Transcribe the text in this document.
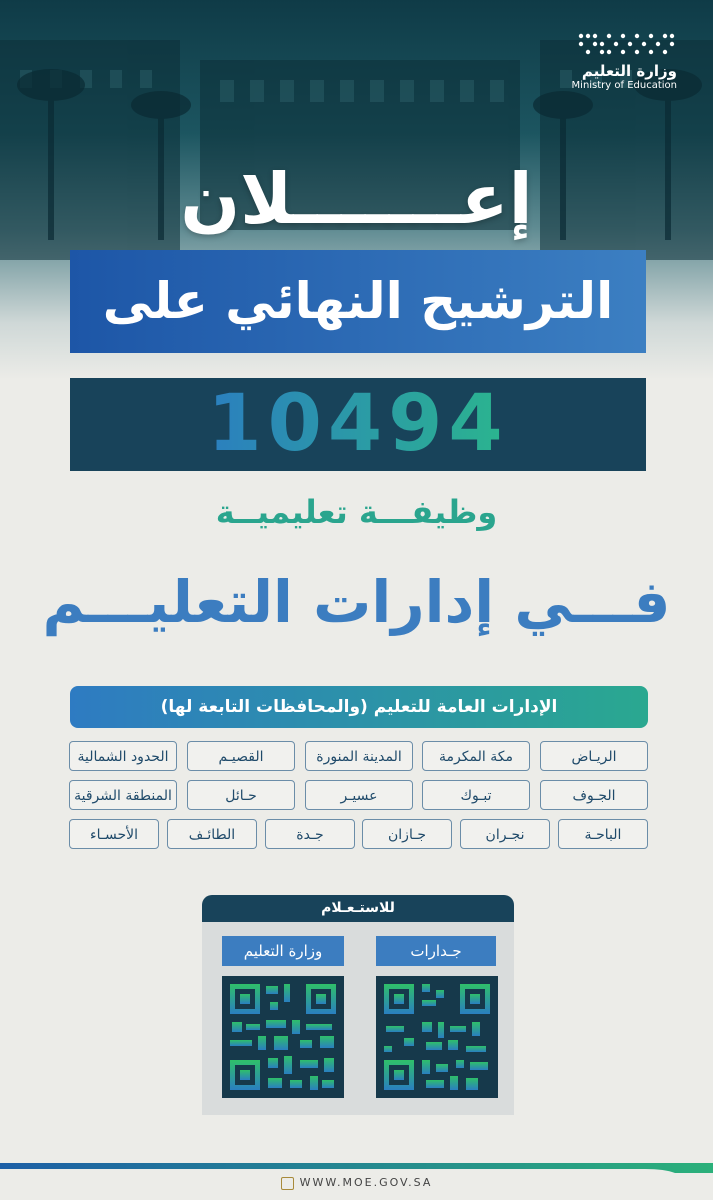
وزارة التعليم
Ministry of Education
إعـــــــلان
الترشيح النهائي على
10494
وظيفـــة تعليميــة
فـــي إدارات التعليـــم
الإدارات العامة للتعليم (والمحافظات التابعة لها)
الريـاض
مكة المكرمة
المدينة المنورة
القصيـم
الحدود الشمالية
الجـوف
تبـوك
عسيـر
حـائل
المنطقة الشرقية
الباحـة
نجـران
جـازان
جـدة
الطائـف
الأحسـاء
للاستـعـلام
جـدارات
وزارة التعليم
WWW.MOE.GOV.SA
